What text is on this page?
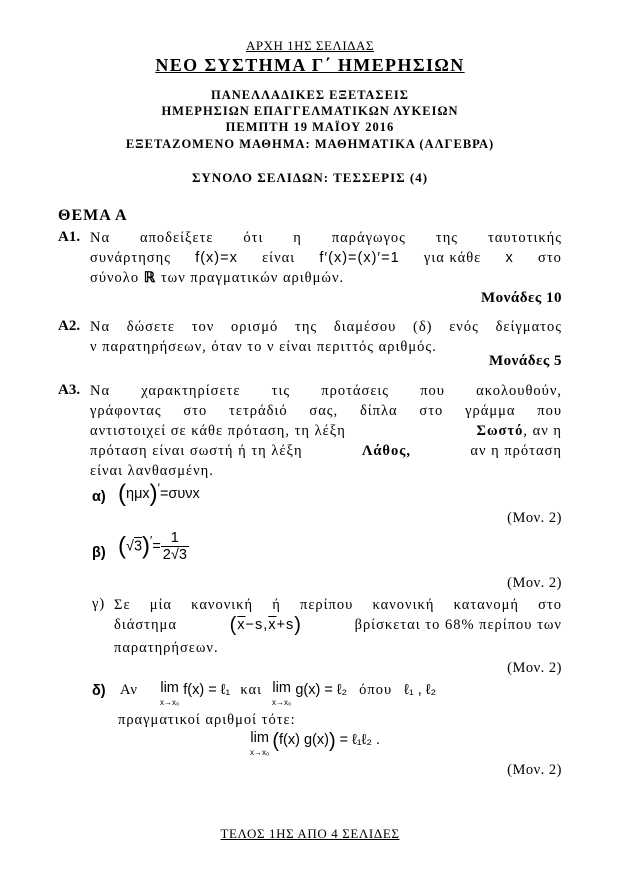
ΑΡΧΗ 1ΗΣ ΣΕΛΙΔΑΣ
ΝΕΟ ΣΥΣΤΗΜΑ Γ΄ ΗΜΕΡΗΣΙΩΝ
ΠΑΝΕΛΛΑΔΙΚΕΣ ΕΞΕΤΑΣΕΙΣ
ΗΜΕΡΗΣΙΩΝ ΕΠΑΓΓΕΛΜΑΤΙΚΩΝ ΛΥΚΕΙΩΝ
ΠΕΜΠΤΗ 19 ΜΑΪΟΥ 2016
ΕΞΕΤΑΖΟΜΕΝΟ ΜΑΘΗΜΑ: ΜΑΘΗΜΑΤΙΚΑ (ΑΛΓΕΒΡΑ)
ΣΥΝΟΛΟ ΣΕΛΙΔΩΝ: ΤΕΣΣΕΡΙΣ (4)
ΘΕΜΑ Α
Α1. Να αποδείξετε ότι η παράγωγος της ταυτοτικής
συνάρτησης f(x)=x είναι f′(x)=(x)′=1 για κάθε x στο
σύνολο ℝ των πραγματικών αριθμών.
Μονάδες 10
Α2. Να δώσετε τον ορισμό της διαμέσου (δ) ενός δείγματος
ν παρατηρήσεων, όταν το ν είναι περιττός αριθμός.
Μονάδες 5
Α3. Να χαρακτηρίσετε τις προτάσεις που ακολουθούν,
γράφοντας στο τετράδιό σας, δίπλα στο γράμμα που
αντιστοιχεί σε κάθε πρόταση, τη λέξη	Σωστό, αν η
πρόταση είναι σωστή ή τη λέξη	Λάθος,	αν η πρόταση
είναι λανθασμένη.
α) (ημx)′=συνx
(Μον. 2)
β) $(√3)'= \frac{1}{2√3}$
(Μον. 2)
γ) Σε μία κανονική ή περίπου κανονική κατανομή στο
διάστημα	$(\overline{x}-s,\overline{x}+s)$	βρίσκεται το 68% περίπου των
παρατηρήσεων.
(Μον. 2)
δ) Αν lim
x→x₀
f(x) = ℓ₁ και lim
x→x₀
g(x) = ℓ₂ όπου ℓ₁ , ℓ₂
πραγματικοί αριθμοί τότε:
lim
x→x₀
( f(x) g(x) ) = ℓ₁ℓ₂ .
(Μον. 2)
ΤΕΛΟΣ 1ΗΣ ΑΠΟ 4 ΣΕΛΙΔΕΣ
